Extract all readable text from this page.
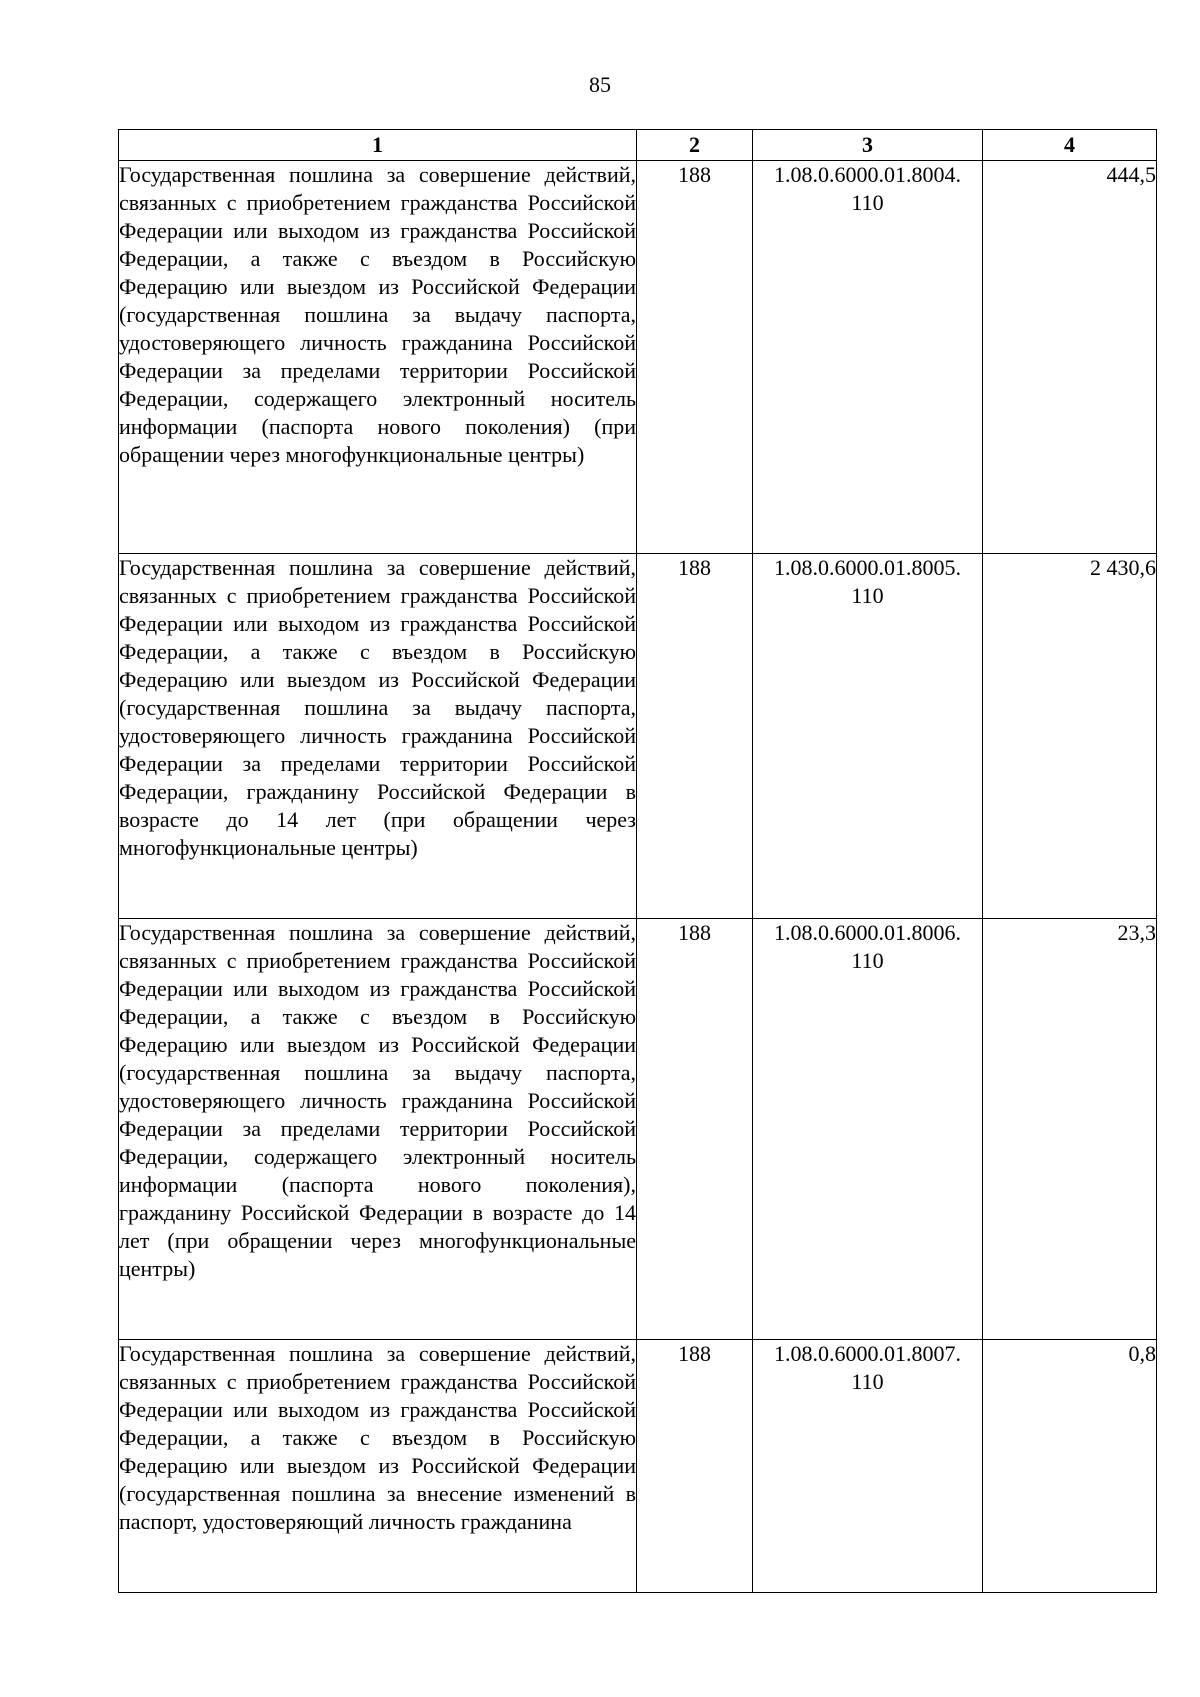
85
1	2	3	4
Государственная пошлина за совершение действий, связанных с приобретением гражданства Российской Федерации или выходом из гражданства Российской Федерации, а также с въездом в Российскую Федерацию или выездом из Российской Федерации (государственная пошлина за выдачу паспорта, удостоверяющего личность гражданина Российской Федерации за пределами территории Российской Федерации, содержащего электронный носитель информации (паспорта нового поколения) (при обращении через многофункциональные центры)	188	1.08.0.6000.01.8004.
110	444,5
Государственная пошлина за совершение действий, связанных с приобретением гражданства Российской Федерации или выходом из гражданства Российской Федерации, а также с въездом в Российскую Федерацию или выездом из Российской Федерации (государственная пошлина за выдачу паспорта, удостоверяющего личность гражданина Российской Федерации за пределами территории Российской Федерации, гражданину Российской Федерации в возрасте до 14 лет (при обращении через многофункциональные центры)	188	1.08.0.6000.01.8005.
110	2 430,6
Государственная пошлина за совершение действий, связанных с приобретением гражданства Российской Федерации или выходом из гражданства Российской Федерации, а также с въездом в Российскую Федерацию или выездом из Российской Федерации (государственная пошлина за выдачу паспорта, удостоверяющего личность гражданина Российской Федерации за пределами территории Российской Федерации, содержащего электронный носитель информации (паспорта нового поколения), гражданину Российской Федерации в возрасте до 14 лет (при обращении через многофункциональные центры)	188	1.08.0.6000.01.8006.
110	23,3
Государственная пошлина за совершение действий, связанных с приобретением гражданства Российской Федерации или выходом из гражданства Российской Федерации, а также с въездом в Российскую Федерацию или выездом из Российской Федерации (государственная пошлина за внесение изменений в паспорт, удостоверяющий личность гражданина	188	1.08.0.6000.01.8007.
110	0,8
